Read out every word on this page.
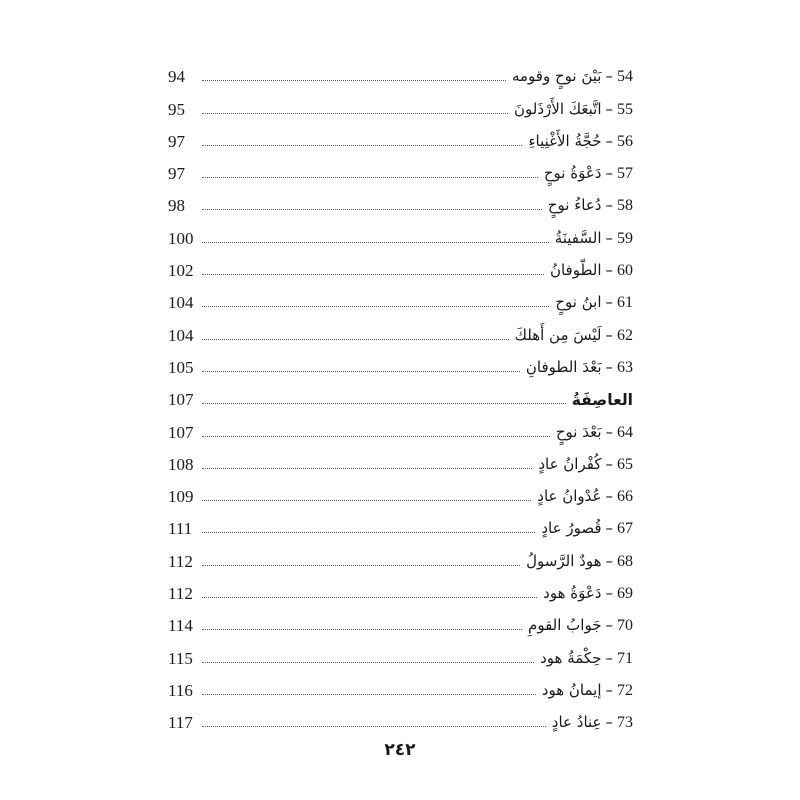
94	54–بَيْنَ نوحٍ وقومه
95	55–اتَّبعَكَ الأَرْذَلونَ
97	56–حُجَّةُ الأَغْنِياءِ
97	57–دَعْوَةُ نوحٍ
98	58–دُعاءُ نوحٍ
100	59–السَّفينَةُ
102	60–الطّوفانُ
104	61–ابنُ نوحٍ
104	62–لَيْسَ مِن أَهلكَ
105	63–بَعْدَ الطوفانِ
107	العاصِفَةُ
107	64–بَعْدَ نوحٍ
108	65–كُفْرانُ عادٍ
109	66–عُدْوانُ عادٍ
111	67–قُصورُ عادٍ
112	68–هودٌ الرَّسولُ
112	69–دَعْوَةُ هود
114	70–جَوابُ القومِ
115	71–حِكْمَةُ هود
116	72–إيمانُ هود
117	73–عِنادُ عادٍ
٢٤٢
